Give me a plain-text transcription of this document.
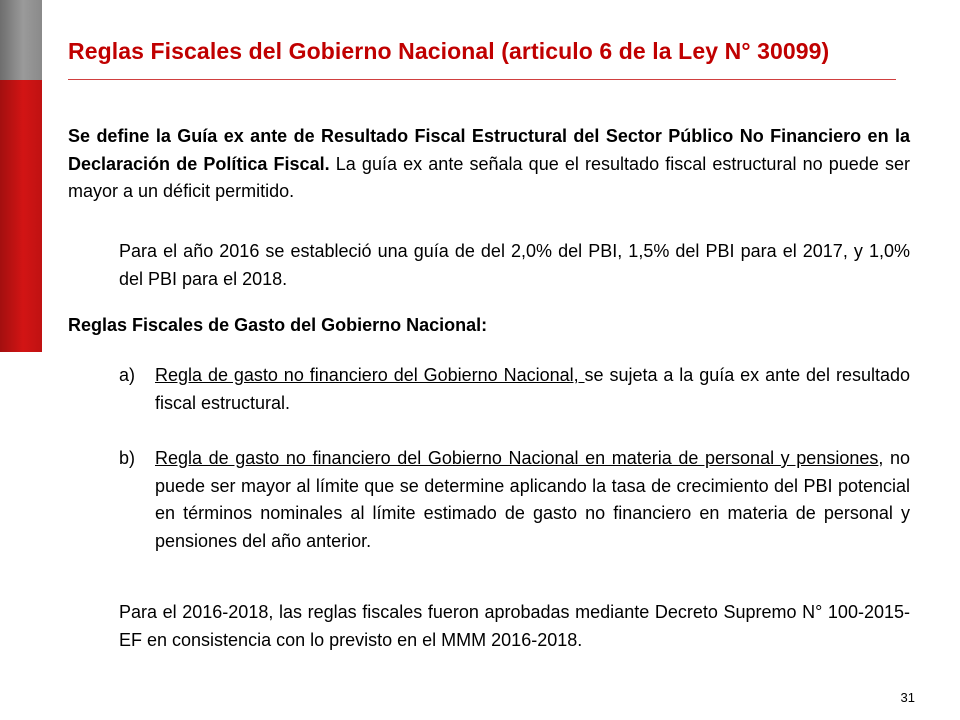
Reglas Fiscales del Gobierno Nacional (articulo 6 de la Ley N° 30099)
Se define la Guía ex ante de Resultado Fiscal Estructural del Sector Público No Financiero en la Declaración de Política Fiscal. La guía ex ante señala que el resultado fiscal estructural no puede ser mayor a un déficit permitido.
Para el año 2016 se estableció una guía de del 2,0% del PBI, 1,5% del PBI para el 2017, y 1,0% del PBI para el 2018.
Reglas Fiscales de Gasto del Gobierno Nacional:
a)	Regla de gasto no financiero del Gobierno Nacional, se sujeta a la guía ex ante del resultado fiscal estructural.
b)	Regla de gasto no financiero del Gobierno Nacional en materia de personal y pensiones, no puede ser mayor al límite que se determine aplicando la tasa de crecimiento del PBI potencial en términos nominales al límite estimado de gasto no financiero en materia de personal y pensiones del año anterior.
Para el 2016-2018, las reglas fiscales fueron aprobadas mediante Decreto Supremo N° 100-2015-EF en consistencia con lo previsto en el MMM 2016-2018.
31
